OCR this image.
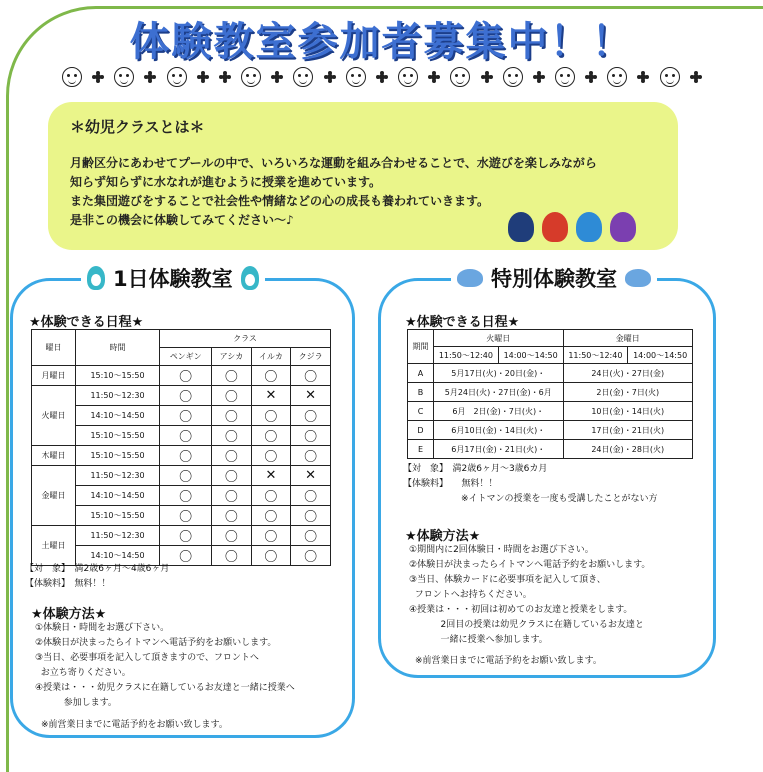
体験教室参加者募集中！！
＊幼児クラスとは＊
月齢区分にあわせてプールの中で、いろいろな運動を組み合わせることで、水遊びを楽しみながら
知らず知らずに水なれが進むように授業を進めています。
また集団遊びをすることで社会性や情緒などの心の成長も養われていきます。
是非この機会に体験してみてください～♪
1日体験教室
★体験できる日程★
曜日	時間	クラス			
		ペンギン	アシカ	イルカ	クジラ
月曜日	15:10～15:50	〇	〇	〇	〇
火曜日	11:50～12:30	〇	〇	✕	✕
	14:10～14:50	〇	〇	〇	〇
	15:10～15:50	〇	〇	〇	〇
木曜日	15:10～15:50	〇	〇	〇	〇
金曜日	11:50～12:30	〇	〇	✕	✕
	14:10～14:50	〇	〇	〇	〇
	15:10～15:50	〇	〇	〇	〇
土曜日	11:50～12:30	〇	〇	〇	〇
	14:10～14:50	〇	〇	〇	〇
【対　象】　満2歳6ヶ月～4歳6ヶ月
【体験料】　無料！！
★体験方法★
①体験日・時間をお選び下さい。
②体験日が決まったらイトマンへ電話予約をお願いします。
③当日、必要事項を記入して頂きますので、フロントへ
お立ち寄りください。
④授業は・・・幼児クラスに在籍しているお友達と一緒に授業へ
参加します。
※前営業日までに電話予約をお願い致します。
特別体験教室
★体験できる日程★
期間	火曜日		金曜日	
	11:50～12:40	14:00～14:50	11:50～12:40	14:00～14:50
A	5月17日(火)・20日(金)・		24日(火)・27日(金)	
B	5月24日(火)・27日(金)・6月		2日(金)・7日(火)	
C	6月　2日(金)・7日(火)・		10日(金)・14日(火)	
D	6月10日(金)・14日(火)・		17日(金)・21日(火)	
E	6月17日(金)・21日(火)・		24日(金)・28日(火)	
【対　象】　満2歳6ヶ月～3歳6カ月
【体験料】　　無料！！
※イトマンの授業を一度も受講したことがない方
★体験方法★
①期間内に2回体験日・時間をお選び下さい。
②体験日が決まったらイトマンへ電話予約をお願いします。
③当日、体験カードに必要事項を記入して頂き、
フロントへお持ちください。
④授業は・・・初回は初めてのお友達と授業をします。
2回目の授業は幼児クラスに在籍しているお友達と
一緒に授業へ参加します。
※前営業日までに電話予約をお願い致します。
